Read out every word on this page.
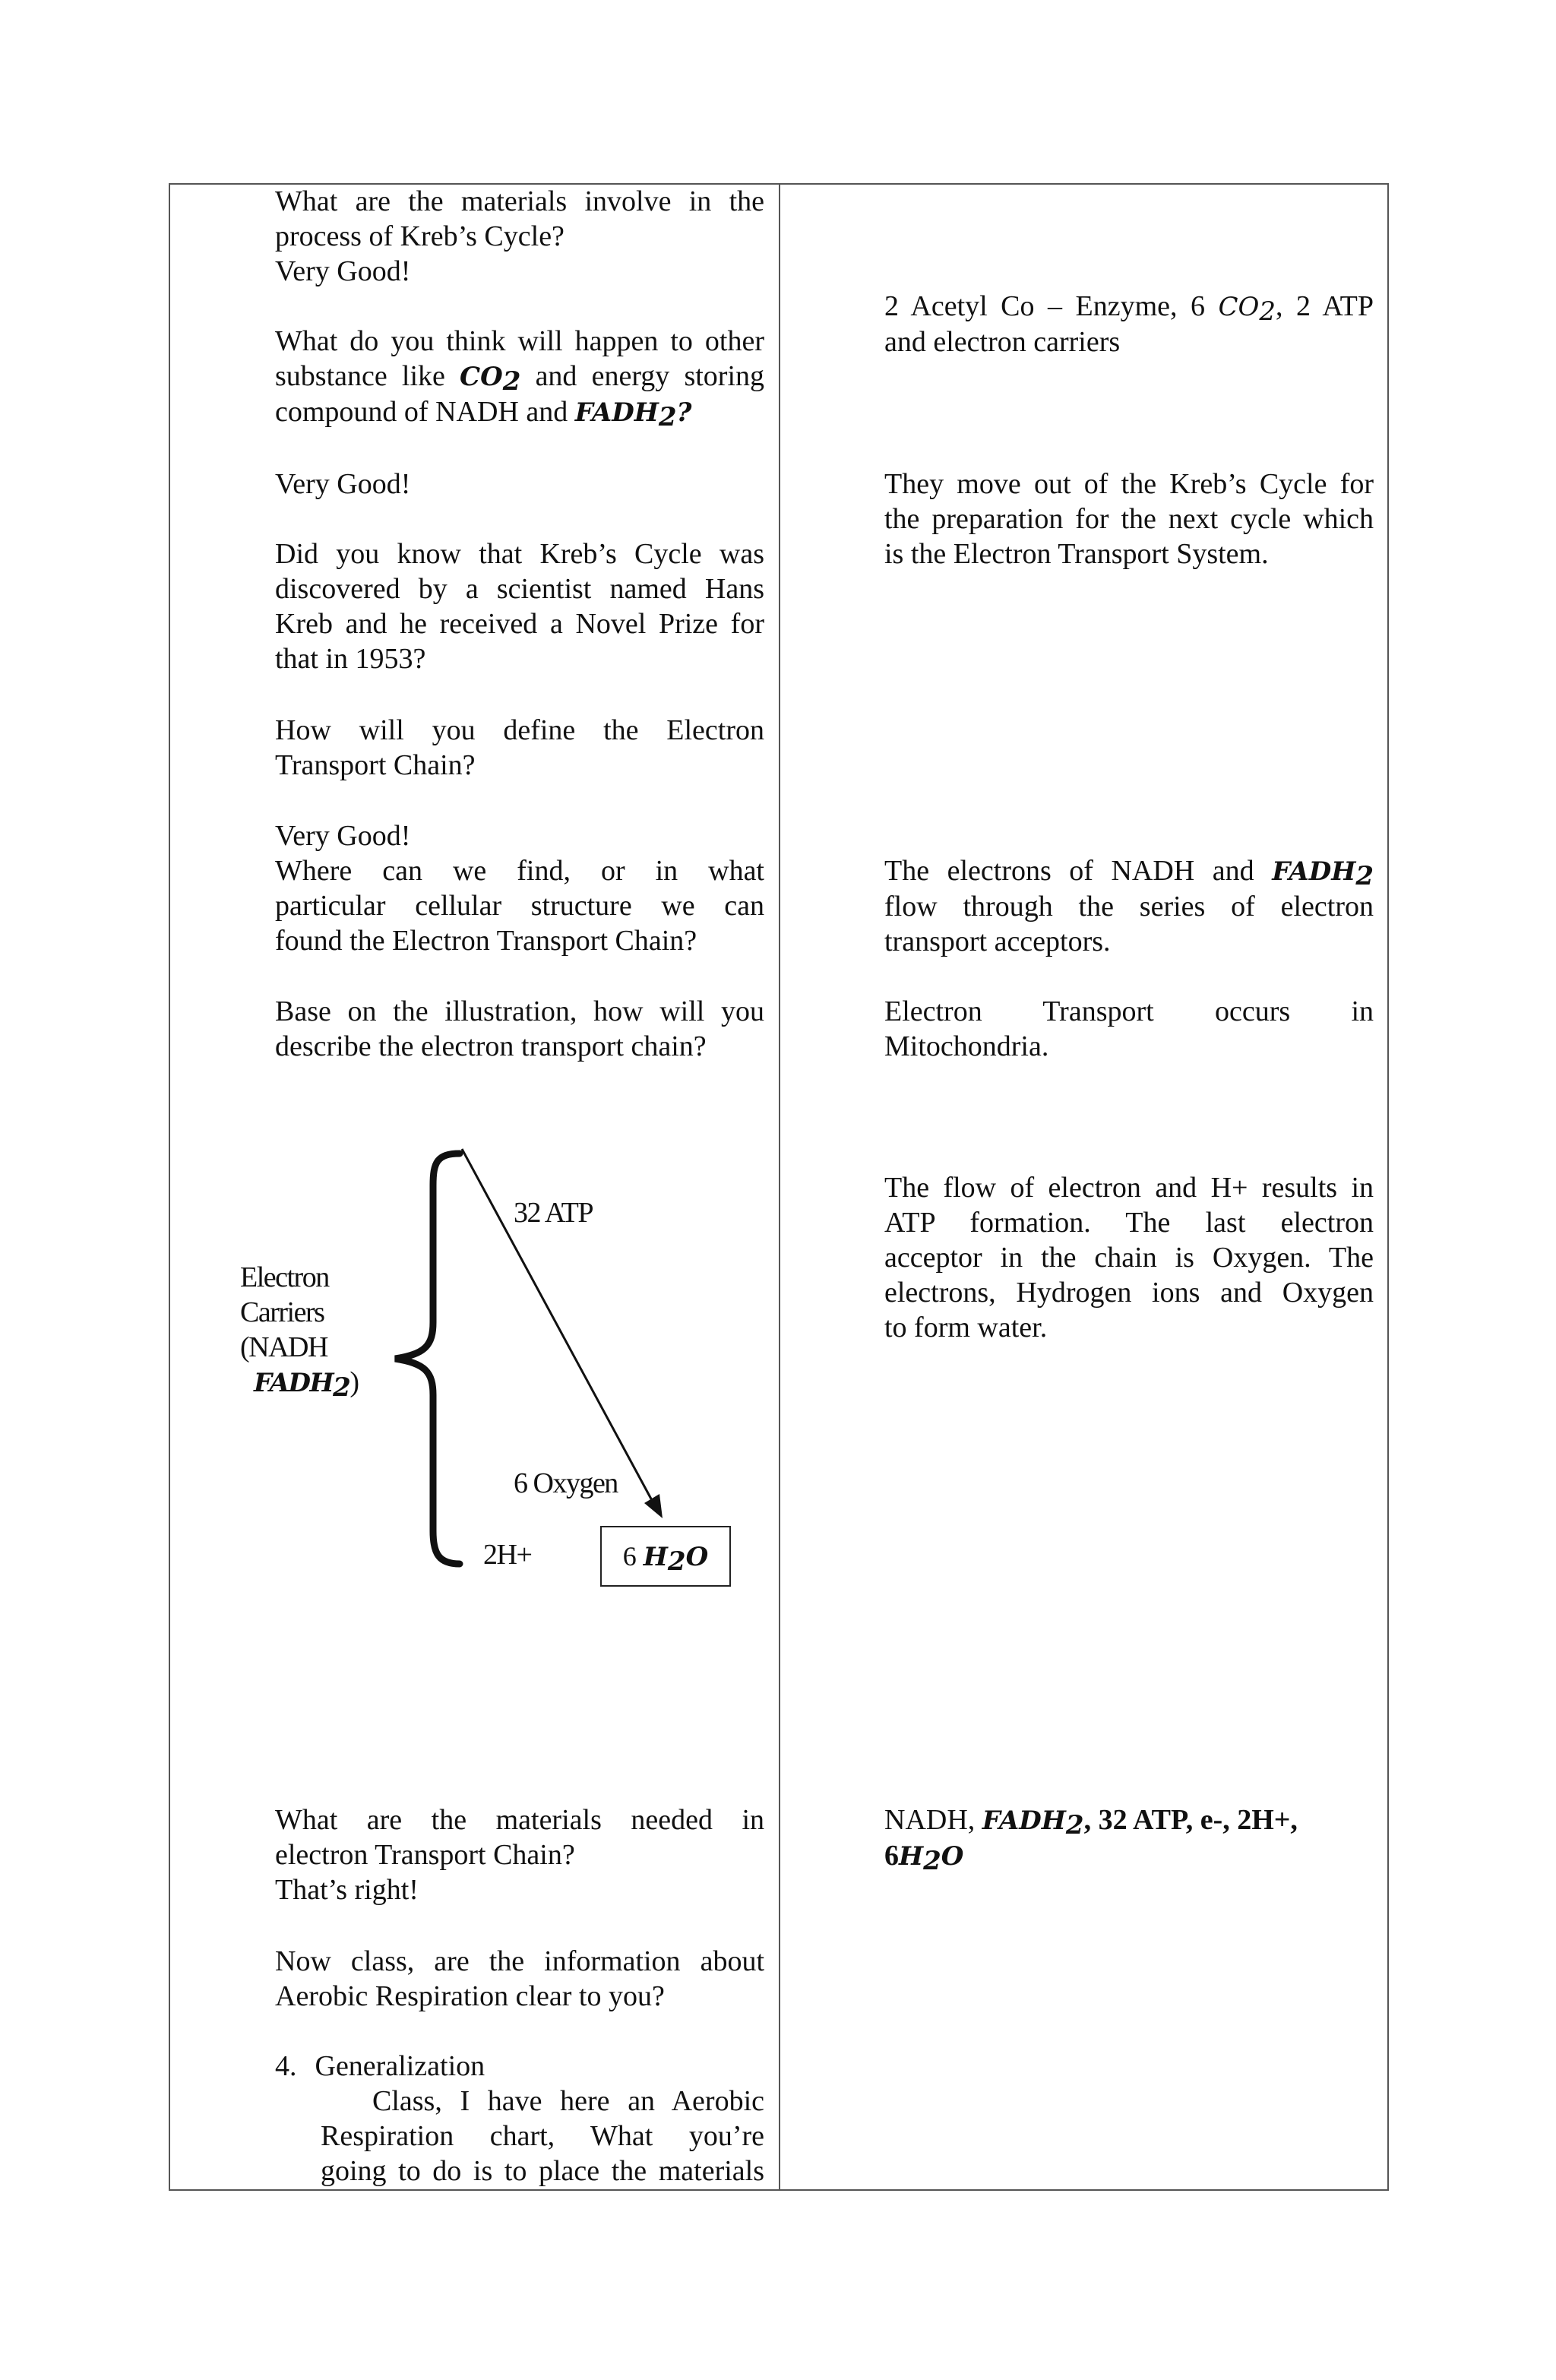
What are the materials involve in the
process of Kreb’s Cycle?
Very Good!
What do you think will happen to other
substance like $CO_2$ and energy storing
compound of NADH and $FADH_2$?
Very Good!
Did you know that Kreb’s Cycle was
discovered by a scientist named Hans
Kreb and he received a Novel Prize for
that in 1953?
How will you define the Electron
Transport Chain?
Very Good!
Where can we find, or in what
particular cellular structure we can
found the Electron Transport Chain?
Base on the illustration, how will you
describe the electron transport chain?
Electron
Carriers
(NADH
$FADH_2$)
32 ATP
6 Oxygen
2H+	6 $H_2O$
What are the materials needed in
electron Transport Chain?
That’s right!
Now class, are the information about
Aerobic Respiration clear to you?
4. Generalization
Class, I have here an Aerobic
Respiration chart, What you’re
going to do is to place the materials
2 Acetyl Co – Enzyme, 6 $CO_2$, 2 ATP
and electron carriers
They move out of the Kreb’s Cycle for
the preparation for the next cycle which
is the Electron Transport System.
The electrons of NADH and $FADH_2$
flow through the series of electron
transport acceptors.
Electron Transport occurs in
Mitochondria.
The flow of electron and H+ results in
ATP formation. The last electron
acceptor in the chain is Oxygen. The
electrons, Hydrogen ions and Oxygen
to form water.
NADH, $FADH_2$, 32 ATP, e-, 2H+,
$6H_2O$
